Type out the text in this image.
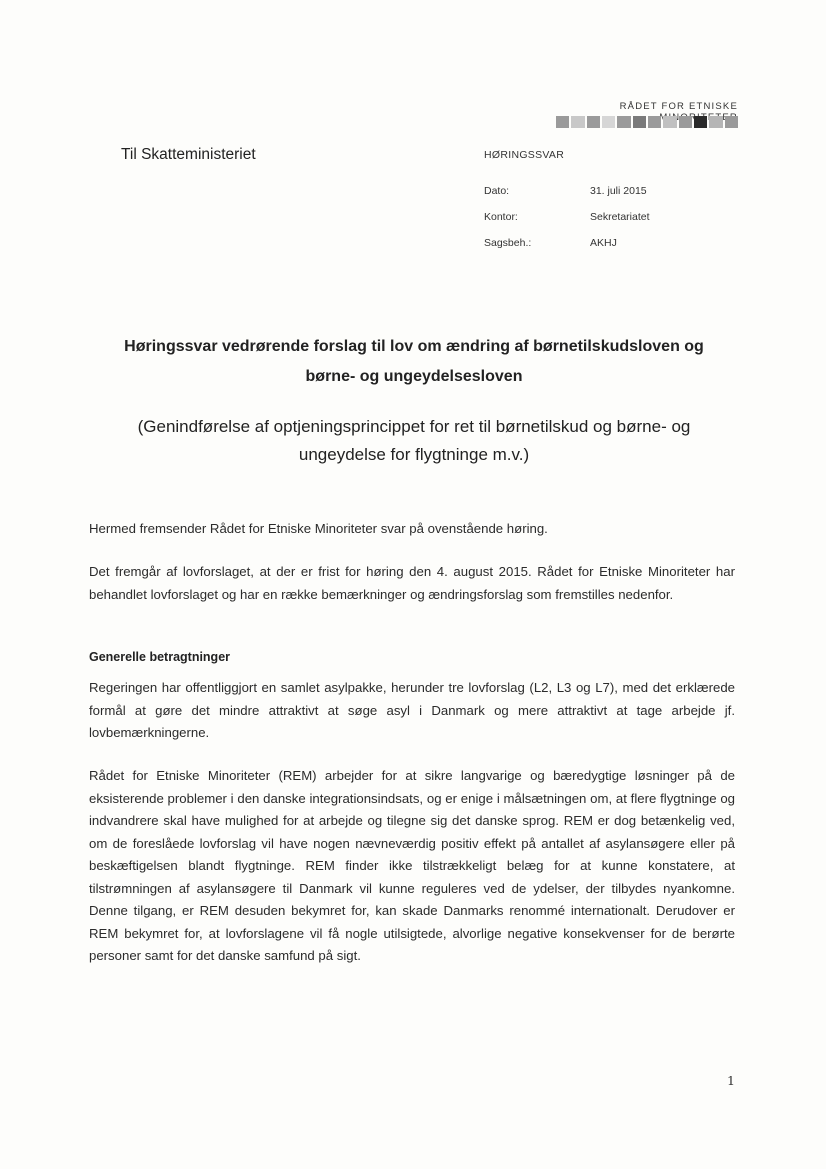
RÅDET FOR ETNISKE
Til Skatteministeriet	HØRINGSSVAR
Dato:	31. juli 2015
Kontor:	Sekretariatet
Sagsbeh.:	AKHJ
Høringssvar vedrørende forslag til lov om ændring af børnetilskudsloven og
børne- og ungeydelsesloven
(Genindførelse af optjeningsprincippet for ret til børnetilskud og børne- og
ungeydelse for flygtninge m.v.)
Hermed fremsender Rådet for Etniske Minoriteter svar på ovenstående høring.
Det fremgår af lovforslaget, at der er frist for høring den 4. august 2015. Rådet for Etniske Minoriteter har behandlet lovforslaget og har en række bemærkninger og ændringsforslag som fremstilles nedenfor.
Generelle betragtninger
Regeringen har offentliggjort en samlet asylpakke, herunder tre lovforslag (L2, L3 og L7), med det erklærede formål at gøre det mindre attraktivt at søge asyl i Danmark og mere attraktivt at tage arbejde jf. lovbemærkningerne.
Rådet for Etniske Minoriteter (REM) arbejder for at sikre langvarige og bæredygtige løsninger på de eksisterende problemer i den danske integrationsindsats, og er enige i målsætningen om, at flere flygtninge og indvandrere skal have mulighed for at arbejde og tilegne sig det danske sprog. REM er dog betænkelig ved, om de foreslåede lovforslag vil have nogen nævneværdig positiv effekt på antallet af asylansøgere eller på beskæftigelsen blandt flygtninge. REM finder ikke tilstrækkeligt belæg for at kunne konstatere, at tilstrømningen af asylansøgere til Danmark vil kunne reguleres ved de ydelser, der tilbydes nyankomne. Denne tilgang, er REM desuden bekymret for, kan skade Danmarks renommé internationalt. Derudover er REM bekymret for, at lovforslagene vil få nogle utilsigtede, alvorlige negative konsekvenser for de berørte personer samt for det danske samfund på sigt.
1
